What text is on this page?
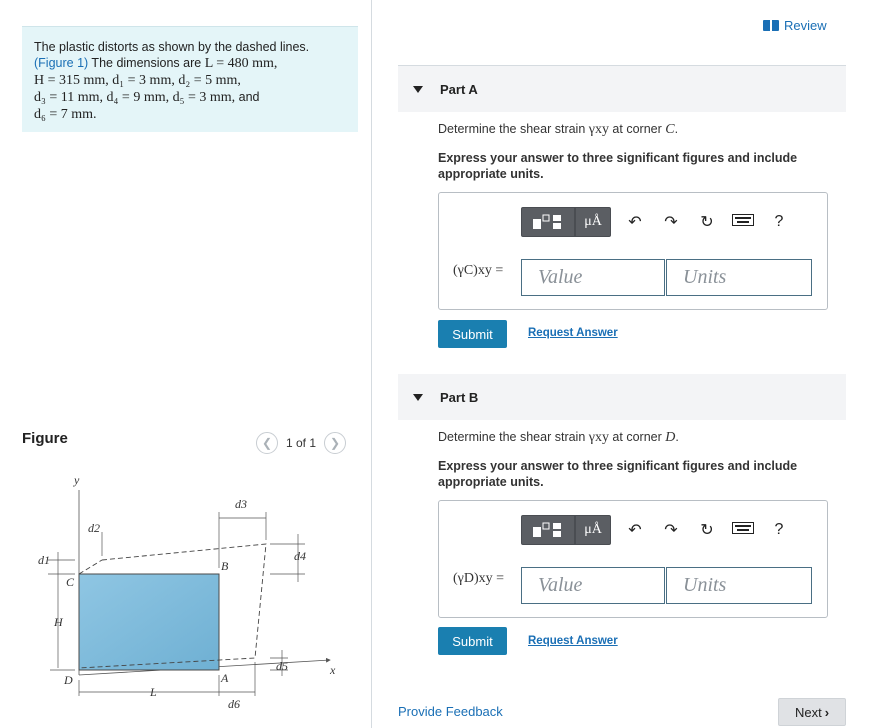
The plastic distorts as shown by the dashed lines.
(Figure 1) The dimensions are L = 480 mm,
H = 315 mm, d₁ = 3 mm, d₂ = 5 mm,
d₃ = 11 mm, d₄ = 9 mm, d₅ = 3 mm, and
d₆ = 7 mm.
Figure	❮	1 of 1	❯
y
d2
d3
d4
d1	B
C
H
d5	x
A
D
L
d6
Review
Part A
Determine the shear strain γxy at corner C.
Express your answer to three significant figures and include appropriate units.
μÅ	↶	↷	↻	?
(γC)xy =	Value	Units
Submit	Request Answer
Part B
Determine the shear strain γxy at corner D.
Express your answer to three significant figures and include appropriate units.
μÅ	↶	↷	↻	?
(γD)xy =	Value	Units
Submit	Request Answer
Provide Feedback	Next ›
